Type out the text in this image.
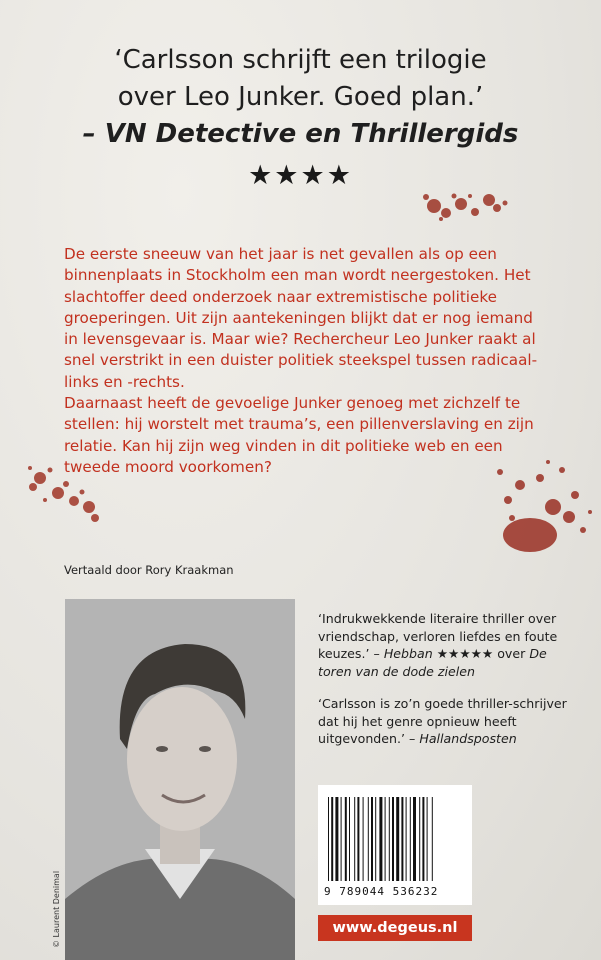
‘Carlsson schrijft een trilogie
over Leo Junker. Goed plan.’
– VN Detective en Thrillergids
★★★★

De eerste sneeuw van het jaar is net gevallen als op een binnenplaats in Stockholm een man wordt neergestoken. Het slachtoffer deed onderzoek naar extremistische politieke groeperingen. Uit zijn aantekeningen blijkt dat er nog iemand in levensgevaar is. Maar wie? Rechercheur Leo Junker raakt al snel verstrikt in een duister politiek steekspel tussen radicaal-links en -rechts.

Daarnaast heeft de gevoelige Junker genoeg met zichzelf te stellen: hij worstelt met trauma’s, een pillenverslaving en zijn relatie. Kan hij zijn weg vinden in dit politieke web en een tweede moord voorkomen?

Vertaald door Rory Kraakman
© Laurent Denimal

‘Indrukwekkende literaire thriller over vriendschap, verloren liefdes en foute keuzes.’ – Hebban ★★★★★ over De toren van de dode zielen

‘Carlsson is zo’n goede thriller-schrijver dat hij het genre opnieuw heeft uitgevonden.’ – Hallandsposten

9 789044 536232
www.degeus.nl
